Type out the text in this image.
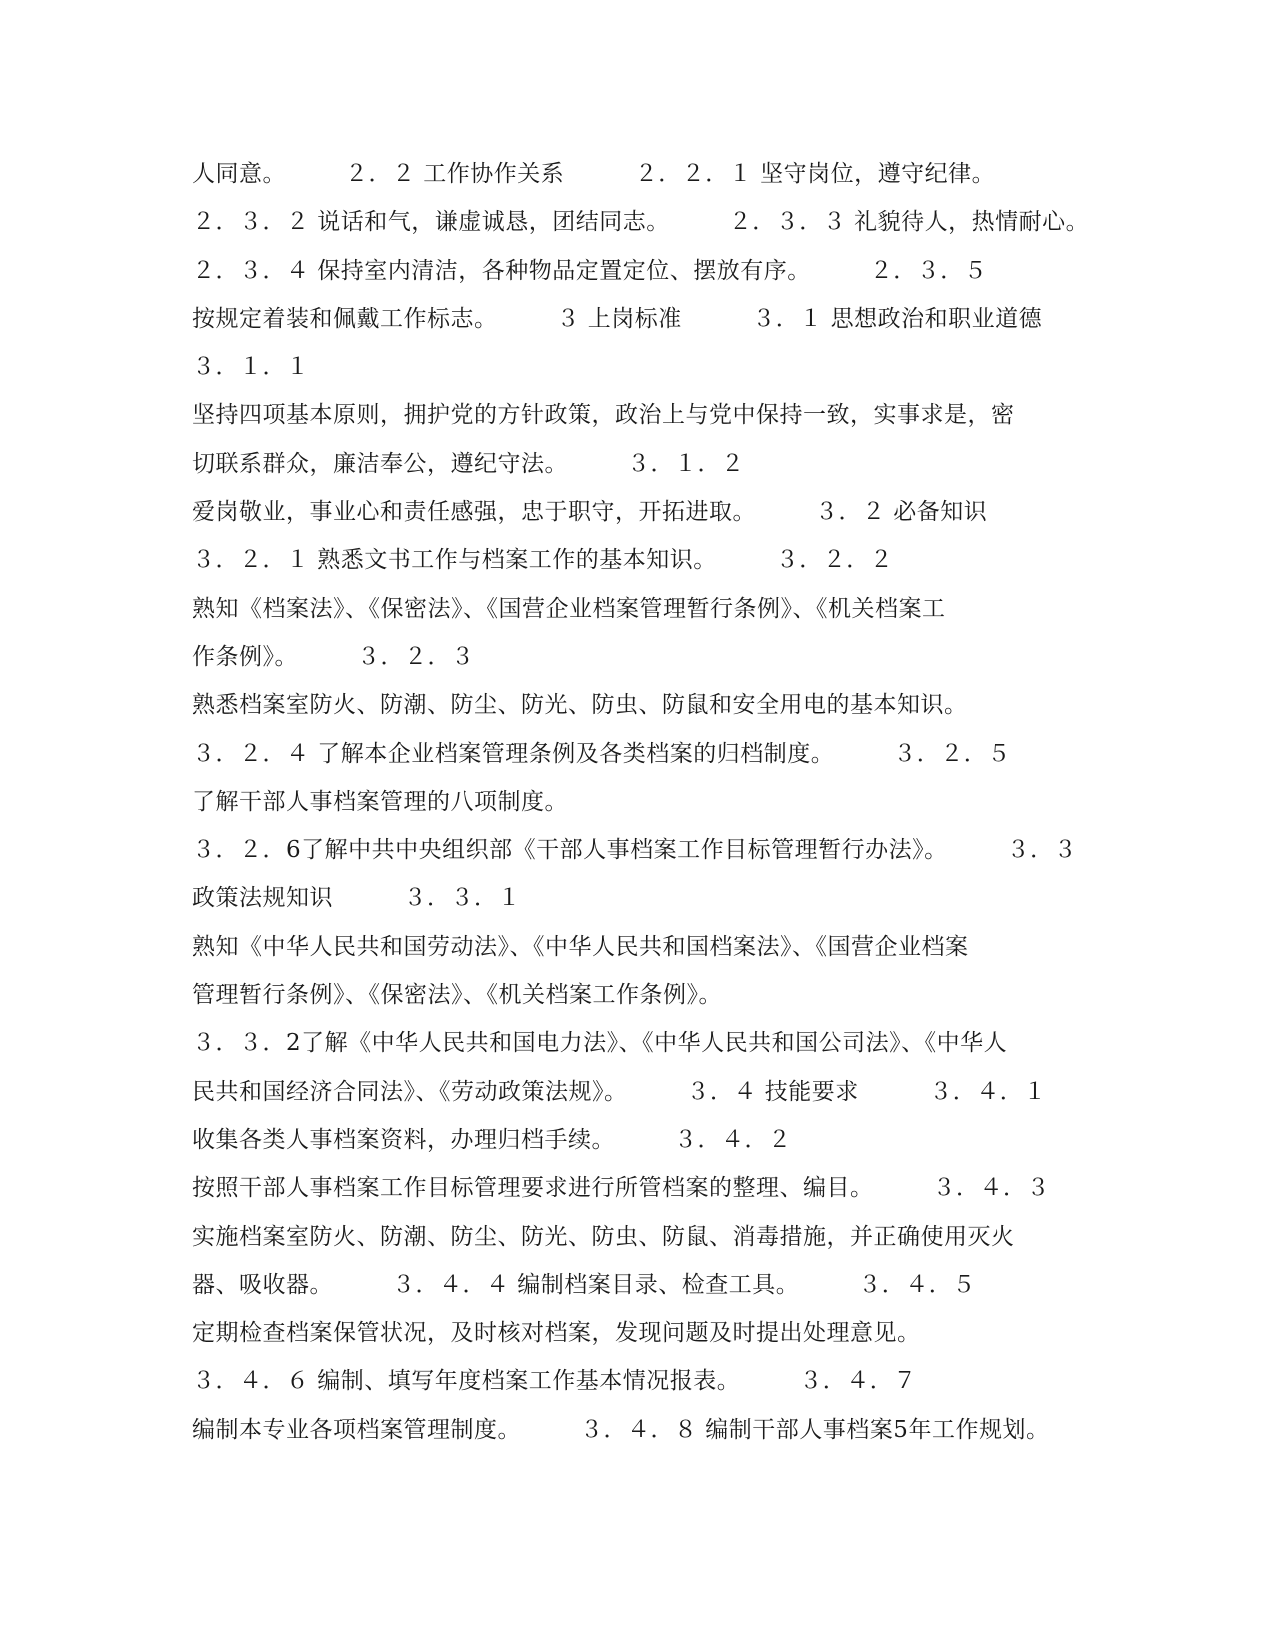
人同意。　　　２．２ 工作协作关系　　　２．２．１ 坚守岗位，遵守纪律。
２．３．２ 说话和气，谦虚诚恳，团结同志。　　　２．３．３ 礼貌待人，热情耐心。
２．３．４ 保持室内清洁，各种物品定置定位、摆放有序。　　　２．３．５
按规定着装和佩戴工作标志。　　　３ 上岗标准　　　３．１ 思想政治和职业道德
３．１．１
坚持四项基本原则，拥护党的方针政策，政治上与党中保持一致，实事求是，密
切联系群众，廉洁奉公，遵纪守法。　　　３．１．２
爱岗敬业，事业心和责任感强，忠于职守，开拓进取。　　　３．２ 必备知识
３．２．１ 熟悉文书工作与档案工作的基本知识。　　　３．２．２
熟知《档案法》、《保密法》、《国营企业档案管理暂行条例》、《机关档案工
作条例》。　　　３．２．３
熟悉档案室防火、防潮、防尘、防光、防虫、防鼠和安全用电的基本知识。
３．２．４ 了解本企业档案管理条例及各类档案的归档制度。　　　３．２．５
了解干部人事档案管理的八项制度。
３．２．6了解中共中央组织部《干部人事档案工作目标管理暂行办法》。　　　３．３
政策法规知识　　　３．３．１
熟知《中华人民共和国劳动法》、《中华人民共和国档案法》、《国营企业档案
管理暂行条例》、《保密法》、《机关档案工作条例》。
３．３．2了解《中华人民共和国电力法》、《中华人民共和国公司法》、《中华人
民共和国经济合同法》、《劳动政策法规》。　　　３．４ 技能要求　　　３．４．１
收集各类人事档案资料，办理归档手续。　　　３．４．２
按照干部人事档案工作目标管理要求进行所管档案的整理、编目。　　　３．４．３
实施档案室防火、防潮、防尘、防光、防虫、防鼠、消毒措施，并正确使用灭火
器、吸收器。　　　３．４．４ 编制档案目录、检查工具。　　　３．４．５
定期检查档案保管状况，及时核对档案，发现问题及时提出处理意见。
３．４．６ 编制、填写年度档案工作基本情况报表。　　　３．４．７
编制本专业各项档案管理制度。　　　３．４．８ 编制干部人事档案5年工作规划。
